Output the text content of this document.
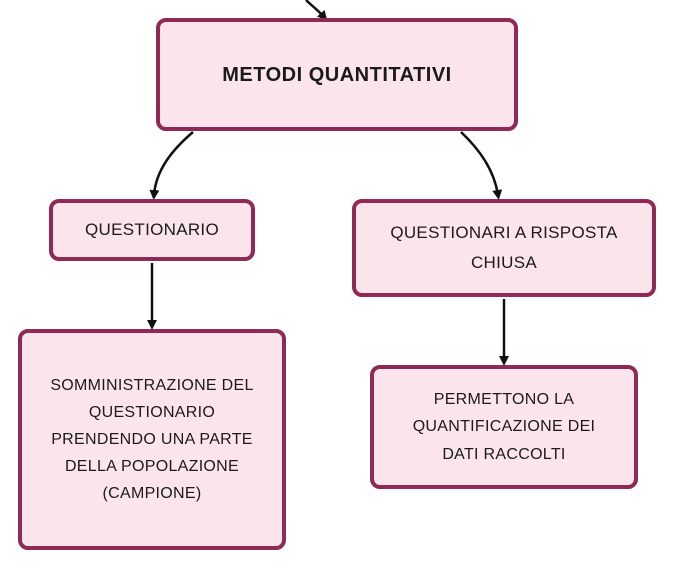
METODI QUANTITATIVI
QUESTIONARIO	QUESTIONARI A RISPOSTA
CHIUSA
SOMMINISTRAZIONE DEL
QUESTIONARIO
PRENDENDO UNA PARTE
DELLA POPOLAZIONE
(CAMPIONE)
PERMETTONO LA
QUANTIFICAZIONE DEI
DATI RACCOLTI
